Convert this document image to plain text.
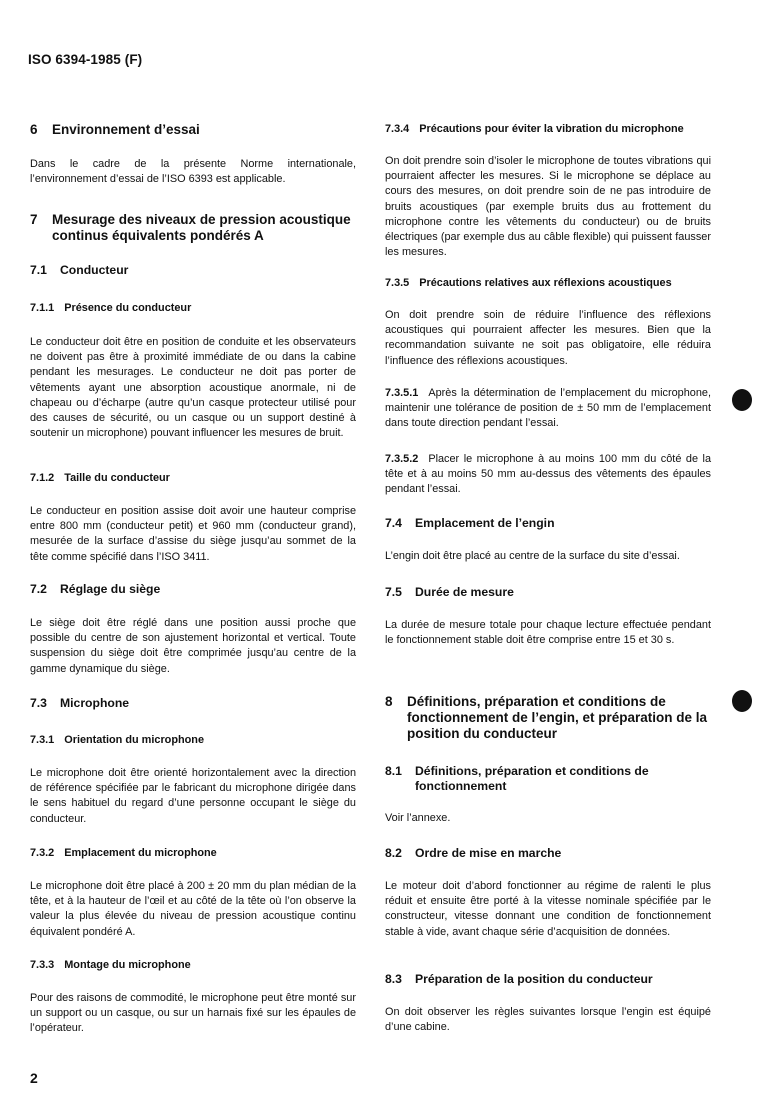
ISO 6394-1985 (F)
6 Environnement d’essai

Dans le cadre de la présente Norme internationale, l’environnement d’essai de l’ISO 6393 est applicable.

7	Mesurage des niveaux de pression acoustique continus équivalents pondérés A
7.1 Conducteur
7.1.1 Présence du conducteur

Le conducteur doit être en position de conduite et les observateurs ne doivent pas être à proximité immédiate de ou dans la cabine pendant les mesurages. Le conducteur ne doit pas porter de vêtements ayant une absorption acoustique anormale, ni de chapeau ou d’écharpe (autre qu’un casque protecteur utilisé pour des causes de sécurité, ou un casque ou un support destiné à soutenir un microphone) pouvant influencer les mesures de bruit.

7.1.2 Taille du conducteur

Le conducteur en position assise doit avoir une hauteur comprise entre 800 mm (conducteur petit) et 960 mm (conducteur grand), mesurée de la surface d’assise du siège jusqu’au sommet de la tête comme spécifié dans l’ISO 3411.

7.2 Réglage du siège

Le siège doit être réglé dans une position aussi proche que possible du centre de son ajustement horizontal et vertical. Toute suspension du siège doit être comprimée jusqu’au centre de la gamme dynamique du siège.

7.3 Microphone
7.3.1 Orientation du microphone

Le microphone doit être orienté horizontalement avec la direction de référence spécifiée par le fabricant du microphone dirigée dans le sens habituel du regard d’une personne occupant le siège du conducteur.

7.3.2 Emplacement du microphone

Le microphone doit être placé à 200 ± 20 mm du plan médian de la tête, et à la hauteur de l’œil et au côté de la tête où l’on observe la valeur la plus élevée du niveau de pression acoustique continu équivalent pondéré A.

7.3.3 Montage du microphone

Pour des raisons de commodité, le microphone peut être monté sur un support ou un casque, ou sur un harnais fixé sur les épaules de l’opérateur.

7.3.4 Précautions pour éviter la vibration du microphone

On doit prendre soin d’isoler le microphone de toutes vibrations qui pourraient affecter les mesures. Si le microphone se déplace au cours des mesures, on doit prendre soin de ne pas introduire de bruits acoustiques (par exemple bruits dus au frottement du microphone contre les vêtements du conducteur) ou de bruits électriques (par exemple dus au câble flexible) qui puissent fausser les mesures.

7.3.5 Précautions relatives aux réflexions acoustiques

On doit prendre soin de réduire l’influence des réflexions acoustiques qui pourraient affecter les mesures. Bien que la recommandation suivante ne soit pas obligatoire, elle réduira l’influence des réflexions acoustiques.

7.3.5.1 Après la détermination de l’emplacement du microphone, maintenir une tolérance de position de ± 50 mm de l’emplacement dans toute direction pendant l’essai.

7.3.5.2 Placer le microphone à au moins 100 mm du côté de la tête et à au moins 50 mm au-dessus des vêtements des épaules pendant l’essai.

7.4 Emplacement de l’engin

L’engin doit être placé au centre de la surface du site d’essai.

7.5 Durée de mesure

La durée de mesure totale pour chaque lecture effectuée pendant le fonctionnement stable doit être comprise entre 15 et 30 s.

8	Définitions, préparation et conditions de fonctionnement de l’engin, et préparation de la position du conducteur
8.1	Définitions, préparation et conditions de fonctionnement

Voir l’annexe.

8.2 Ordre de mise en marche

Le moteur doit d’abord fonctionner au régime de ralenti le plus réduit et ensuite être porté à la vitesse nominale spécifiée par le constructeur, vitesse donnant une condition de fonctionnement stable à vide, avant chaque série d’acquisition de données.

8.3 Préparation de la position du conducteur

On doit observer les règles suivantes lorsque l’engin est équipé d’une cabine.

2
